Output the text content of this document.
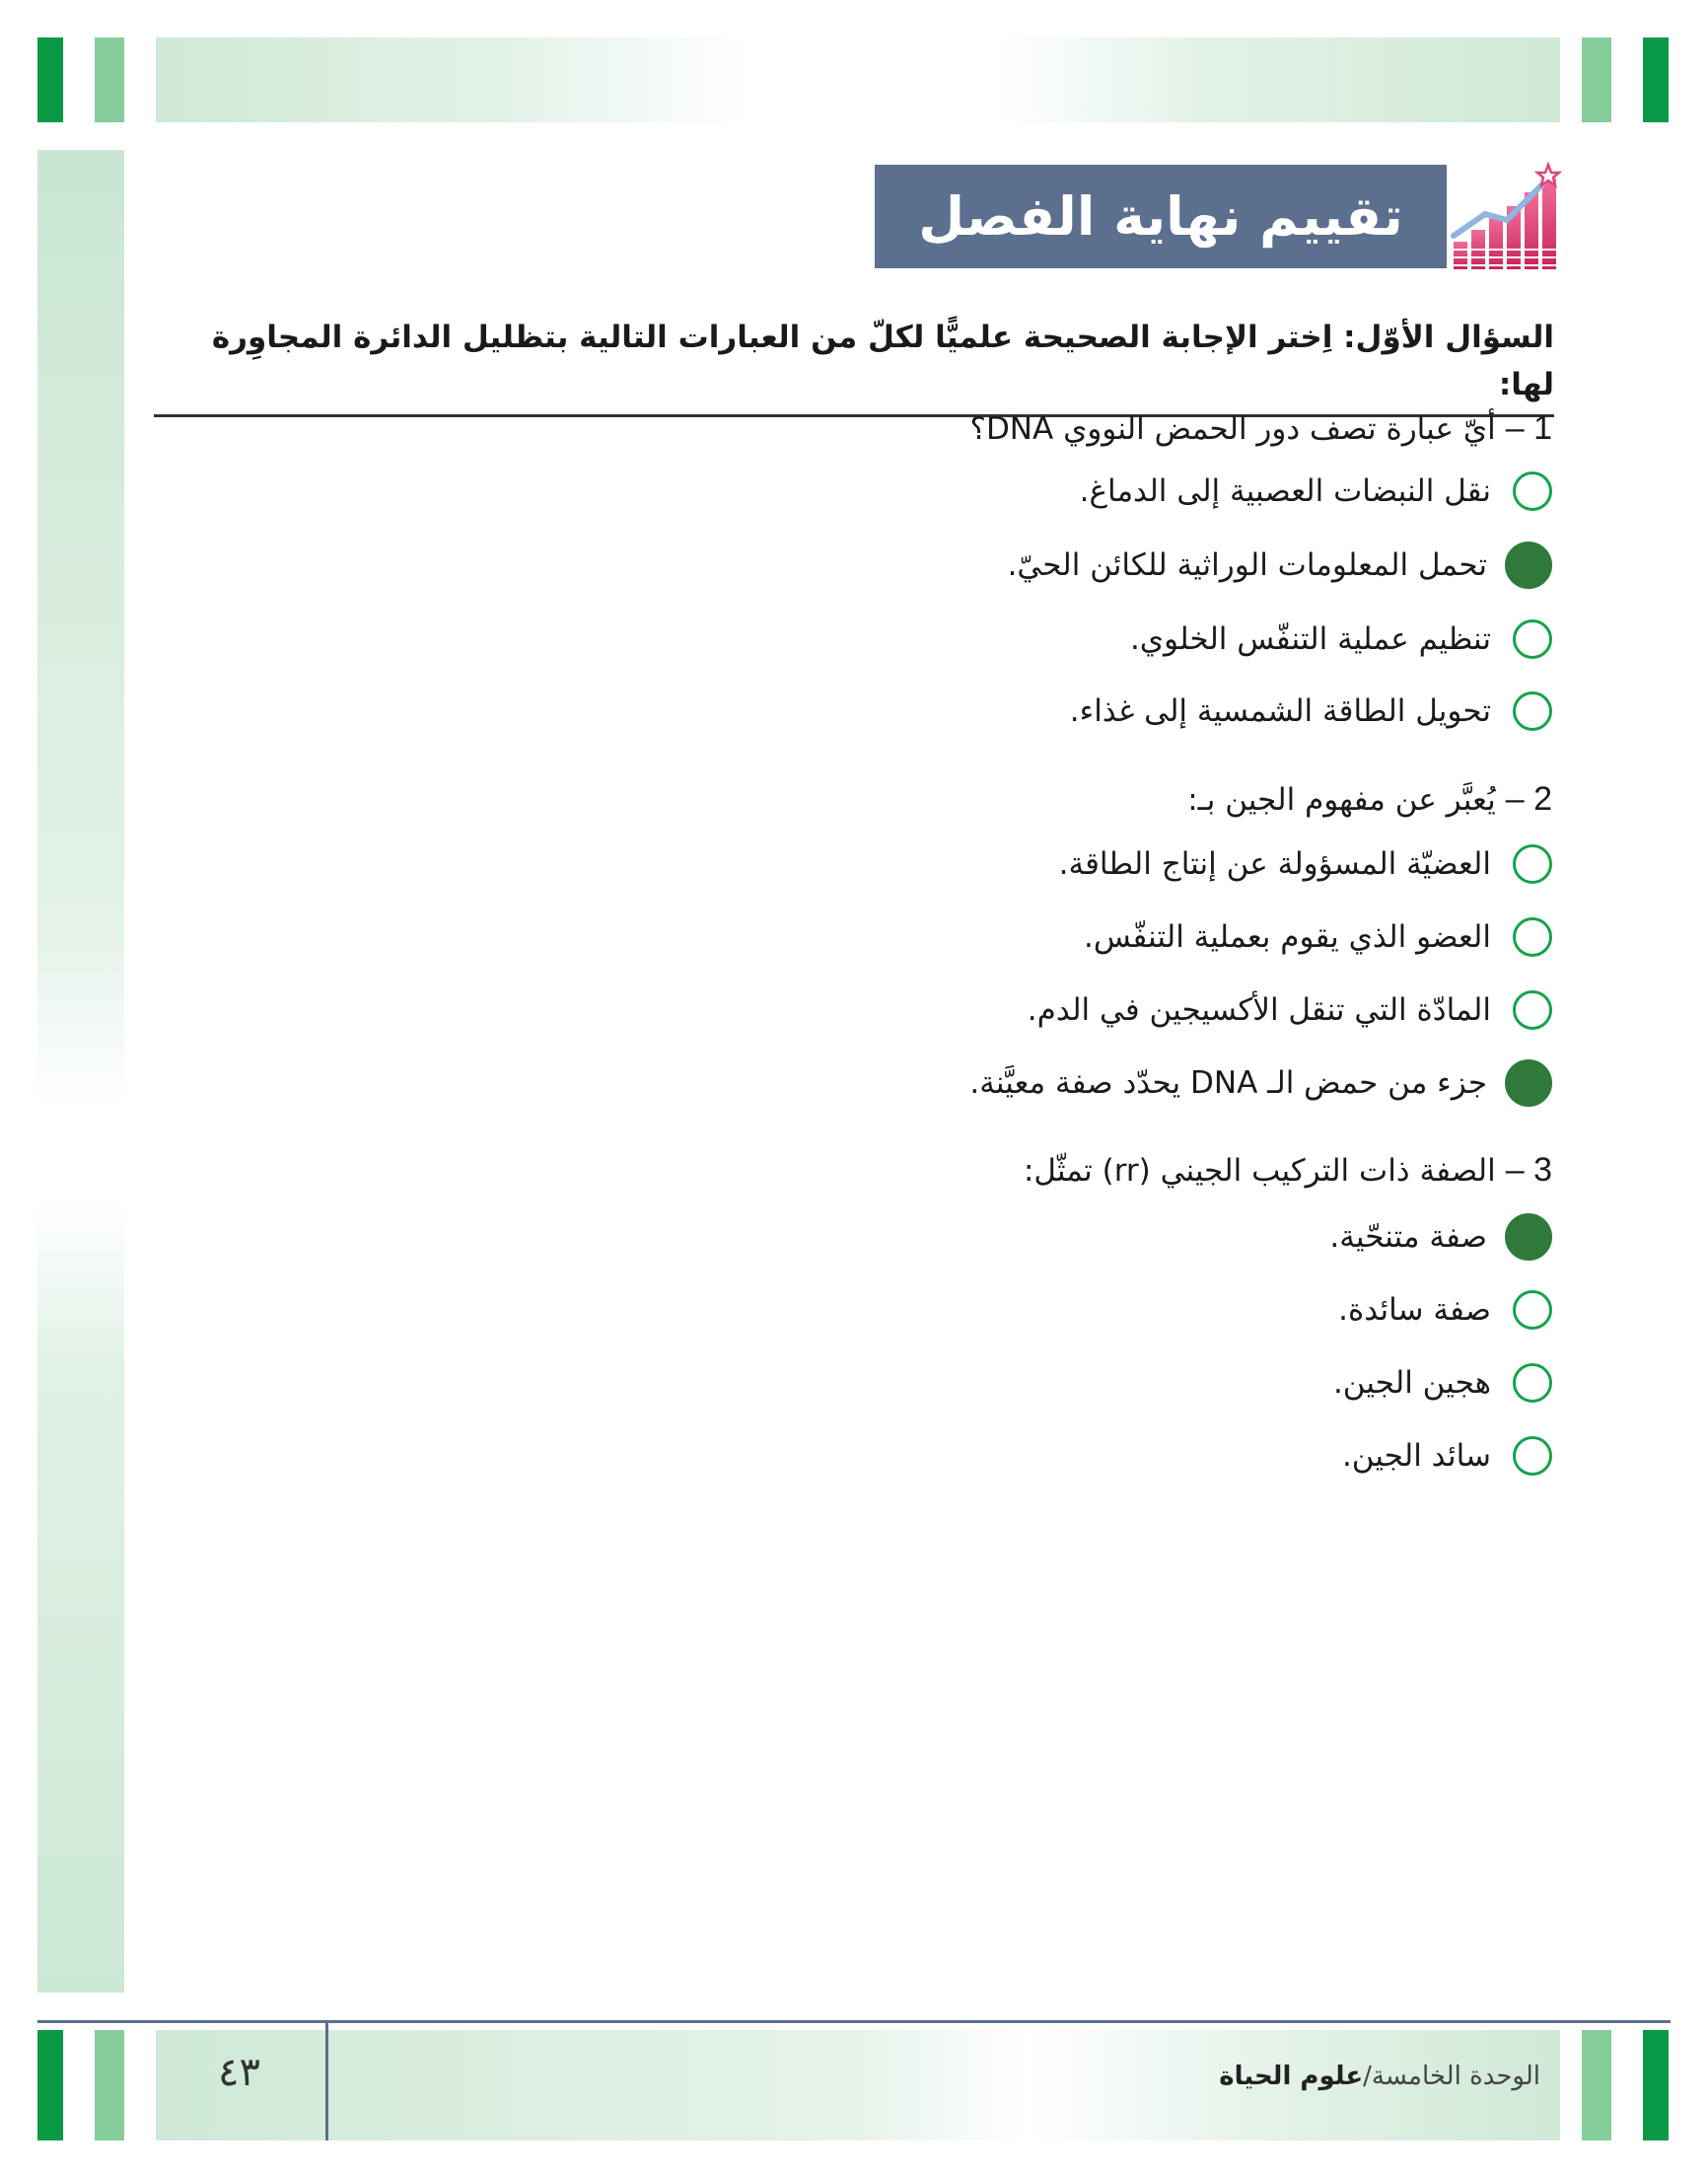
تقييم نهاية الفصل
السؤال الأوّل: اِختر الإجابة الصحيحة علميًّا لكلّ من العبارات التالية بتظليل الدائرة المجاوِرة لها:
1 –أيّ عبارة تصف دور الحمض النووي DNA؟
نقل النبضات العصبية إلى الدماغ.
تحمل المعلومات الوراثية للكائن الحيّ.
تنظيم عملية التنفّس الخلوي.
تحويل الطاقة الشمسية إلى غذاء.
2 –يُعبَّر عن مفهوم الجين بـ:
العضيّة المسؤولة عن إنتاج الطاقة.
العضو الذي يقوم بعملية التنفّس.
المادّة التي تنقل الأكسيجين في الدم.
جزء من حمض الـ DNA يحدّد صفة معيَّنة.
3 –الصفة ذات التركيب الجيني (rr) تمثّل:
صفة متنحّية.
صفة سائدة.
هجين الجين.
سائد الجين.
٤٣	الوحدة الخامسة/علوم الحياة
